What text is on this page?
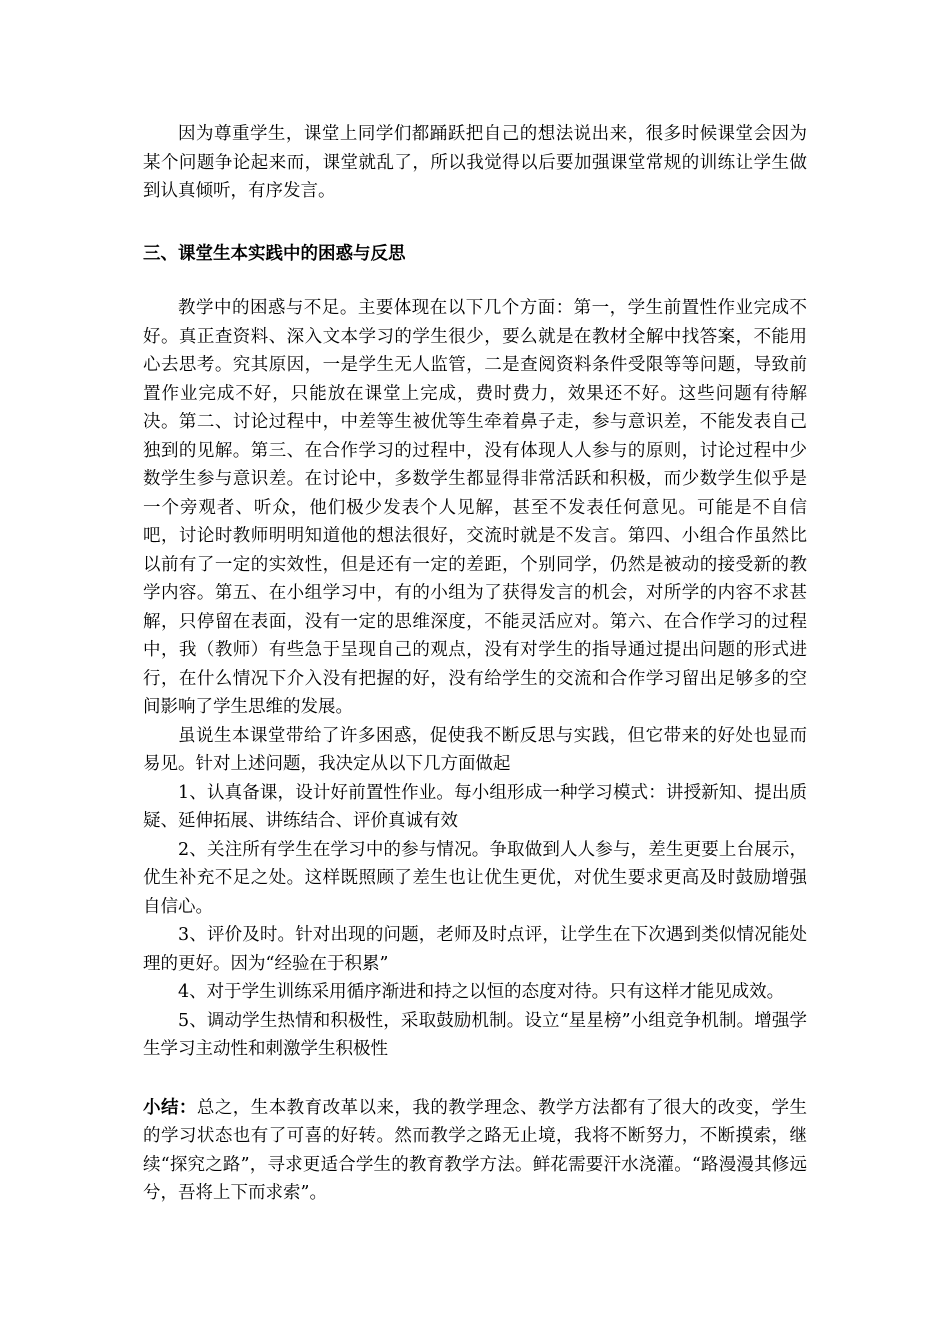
因为尊重学生，课堂上同学们都踊跃把自己的想法说出来，很多时候课堂会因为某个问题争论起来而，课堂就乱了，所以我觉得以后要加强课堂常规的训练让学生做到认真倾听，有序发言。

三、课堂生本实践中的困惑与反思

教学中的困惑与不足。主要体现在以下几个方面：第一，学生前置性作业完成不好。真正查资料、深入文本学习的学生很少，要么就是在教材全解中找答案，不能用心去思考。究其原因，一是学生无人监管，二是查阅资料条件受限等等问题，导致前置作业完成不好，只能放在课堂上完成，费时费力，效果还不好。这些问题有待解决。第二、讨论过程中，中差等生被优等生牵着鼻子走，参与意识差，不能发表自己独到的见解。第三、在合作学习的过程中，没有体现人人参与的原则，讨论过程中少数学生参与意识差。在讨论中，多数学生都显得非常活跃和积极，而少数学生似乎是一个旁观者、听众，他们极少发表个人见解，甚至不发表任何意见。可能是不自信吧，讨论时教师明明知道他的想法很好，交流时就是不发言。第四、小组合作虽然比以前有了一定的实效性，但是还有一定的差距，个别同学，仍然是被动的接受新的教学内容。第五、在小组学习中，有的小组为了获得发言的机会，对所学的内容不求甚解，只停留在表面，没有一定的思维深度，不能灵活应对。第六、在合作学习的过程中，我（教师）有些急于呈现自己的观点，没有对学生的指导通过提出问题的形式进行，在什么情况下介入没有把握的好，没有给学生的交流和合作学习留出足够多的空间影响了学生思维的发展。

虽说生本课堂带给了许多困惑，促使我不断反思与实践，但它带来的好处也显而易见。针对上述问题，我决定从以下几方面做起

1、认真备课，设计好前置性作业。每小组形成一种学习模式：讲授新知、提出质疑、延伸拓展、讲练结合、评价真诚有效

2、关注所有学生在学习中的参与情况。争取做到人人参与，差生更要上台展示，优生补充不足之处。这样既照顾了差生也让优生更优，对优生要求更高及时鼓励增强自信心。

3、评价及时。针对出现的问题，老师及时点评，让学生在下次遇到类似情况能处理的更好。因为“经验在于积累”

4、对于学生训练采用循序渐进和持之以恒的态度对待。只有这样才能见成效。

5、调动学生热情和积极性，采取鼓励机制。设立“星星榜”小组竞争机制。增强学生学习主动性和刺激学生积极性

小结：总之，生本教育改革以来，我的教学理念、教学方法都有了很大的改变，学生的学习状态也有了可喜的好转。然而教学之路无止境，我将不断努力，不断摸索，继续“探究之路”，寻求更适合学生的教育教学方法。鲜花需要汗水浇灌。“路漫漫其修远兮，吾将上下而求索”。
